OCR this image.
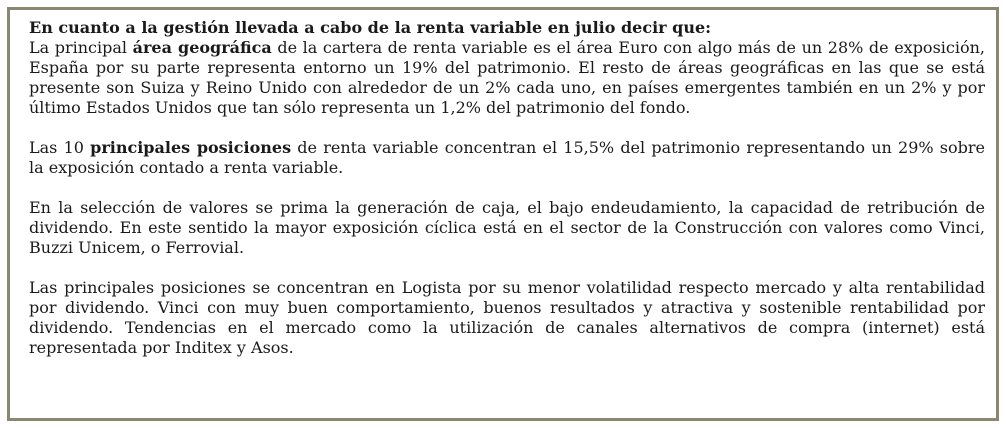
En cuanto a la gestión llevada a cabo de la renta variable en julio decir que:

La principal área geográfica de la cartera de renta variable es el área Euro con algo más de un 28% de exposición, España por su parte representa entorno un 19% del patrimonio. El resto de áreas geográficas en las que se está presente son Suiza y Reino Unido con alrededor de un 2% cada uno, en países emergentes también en un 2% y por último Estados Unidos que tan sólo representa un 1,2% del patrimonio del fondo.

Las 10 principales posiciones de renta variable concentran el 15,5% del patrimonio representando un 29% sobre la exposición contado a renta variable.

En la selección de valores se prima la generación de caja, el bajo endeudamiento, la capacidad de retribución de dividendo. En este sentido la mayor exposición cíclica está en el sector de la Construcción con valores como Vinci, Buzzi Unicem, o Ferrovial.

Las principales posiciones se concentran en Logista por su menor volatilidad respecto mercado y alta rentabilidad por dividendo. Vinci con muy buen comportamiento, buenos resultados y atractiva y sostenible rentabilidad por dividendo. Tendencias en el mercado como la utilización de canales alternativos de compra (internet) está representada por Inditex y Asos.
